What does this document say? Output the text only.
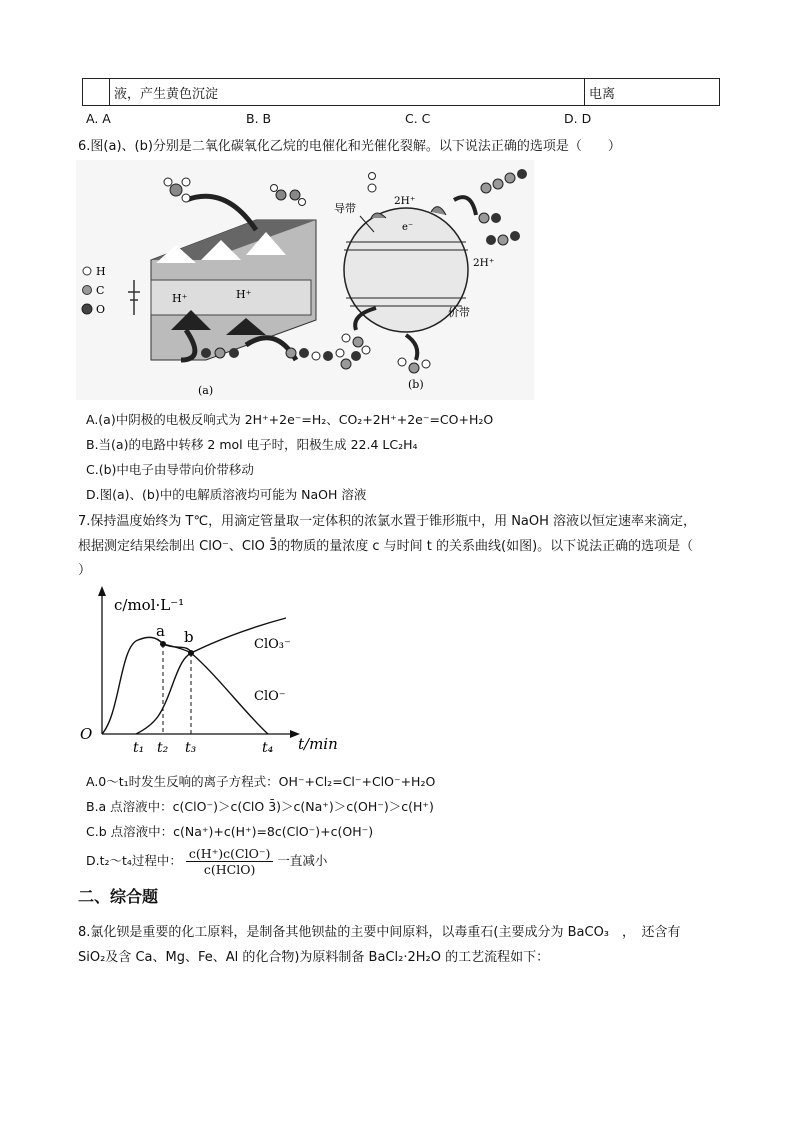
	液，产生黄色沉淀	电离
A. A	B. B	C. C	D. D
6.图(a)、(b)分别是二氧化碳氧化乙烷的电催化和光催化裂解。以下说法正确的选项是（　　）
H
C
O
H⁺	H⁺
(a)
导带
价带
2H⁺
2H⁺
e⁻
(b)
A.(a)中阴极的电极反响式为 2H⁺+2e⁻=H₂、CO₂+2H⁺+2e⁻=CO+H₂O
B.当(a)的电路中转移 2 mol 电子时，阳极生成 22.4 LC₂H₄
C.(b)中电子由导带向价带移动
D.图(a)、(b)中的电解质溶液均可能为 NaOH 溶液
7.保持温度始终为 T℃，用滴定管量取一定体积的浓氯水置于锥形瓶中，用 NaOH 溶液以恒定速率来滴定，
根据测定结果绘制出 ClO⁻、ClO 3̄的物质的量浓度 c 与时间 t 的关系曲线(如图)。以下说法正确的选项是（
）
c/mol·L⁻¹
t/min
O
a b	ClO₃⁻
ClO⁻
t₁ t₂ t₃	t₄
A.0～t₁时发生反响的离子方程式：OH⁻+Cl₂=Cl⁻+ClO⁻+H₂O
B.a 点溶液中：c(ClO⁻)＞c(ClO 3̄)＞c(Na⁺)＞c(OH⁻)＞c(H⁺)
C.b 点溶液中：c(Na⁺)+c(H⁺)=8c(ClO⁻)+c(OH⁻)
D.t₂～t₄过程中： $\frac{\text{c(H⁺)c(ClO⁻)}}{\text{c(HClO)}}$ 一直减小
二、综合题
8.氯化钡是重要的化工原料，是制备其他钡盐的主要中间原料，以毒重石(主要成分为 BaCO₃　，　还含有
SiO₂及含 Ca、Mg、Fe、Al 的化合物)为原料制备 BaCl₂·2H₂O 的工艺流程如下：
